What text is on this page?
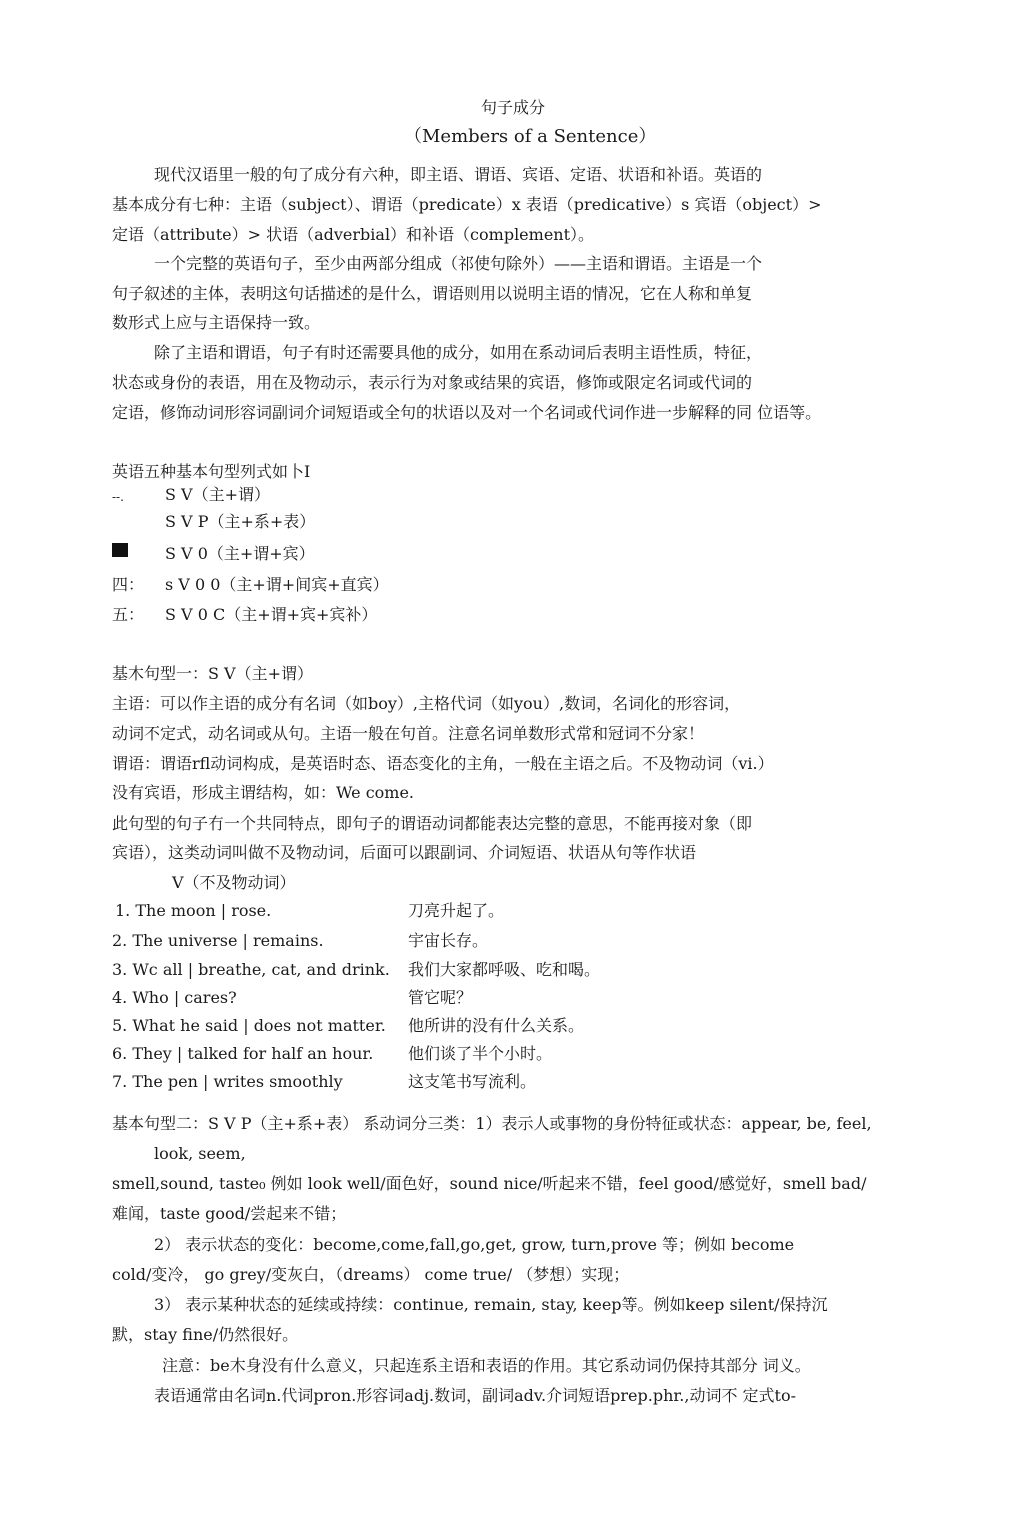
句子成分
（Members of a Sentence）
现代汉语里一般的句了成分有六种，即主语、谓语、宾语、定语、状语和补语。英语的
基本成分有七种：主语（subject）、谓语（predicate）x 表语（predicative）s 宾语（object）>
定语（attribute）> 状语（adverbial）和补语（complement）。
一个完整的英语句子，至少由两部分组成（祁使句除外）——主语和谓语。主语是一个
句子叙述的主体，表明这句话描述的是什么，谓语则用以说明主语的情况，它在人称和单复
数形式上应与主语保持一致。
除了主语和谓语，句子有时还需要具他的成分，如用在系动词后表明主语性质，特征，
状态或身份的表语，用在及物动示，表示行为对象或结果的宾语，修饰或限定名词或代词的
定语，修饰动词形容词副词介词短语或全句的状语以及对一个名词或代词作进一步解释的同 位语等。
英语五种基本句型列式如卜I
--.	S V（主+谓）
S V P（主+系+表）
S V 0（主+谓+宾）
四： s V 0 0（主+谓+间宾+直宾）
五： S V 0 C（主+谓+宾+宾补）
基木句型一：S V（主+谓）
主语：可以作主语的成分有名词（如boy）,主格代词（如you）,数词，名词化的形容词，
动词不定式，动名词或从句。主语一般在句首。注意名词单数形式常和冠词不分家！
谓语：谓语rfl动词构成，是英语时态、语态变化的主角，一般在主语之后。不及物动词（vi.）
没有宾语，形成主谓结构，如：We come.
此句型的句子冇一个共同特点，即句子的谓语动词都能表达完整的意思，不能再接对象（即
宾语），这类动词叫做不及物动词，后面可以跟副词、介词短语、状语从句等作状语
V（不及物动词）
1. The moon | rose.	刀亮升起了。
2. The universe | remains.	宇宙长存。
3. Wc all | breathe, cat, and drink. 我们大家都呼吸、吃和喝。
4. Who | cares?	管它呢？
5. What he said | does not matter. 他所讲的没有什么关系。
6. They | talked for half an hour. 他们谈了半个小时。
7. The pen | writes smoothly	这支笔书写流利。
基本句型二：S V P（主+系+表） 系动词分三类：1）表示人或事物的身份特征或状态：appear, be, feel,
look, seem,
smell,sound, taste₀ 例如 look well/面色好，sound nice/听起来不错，feel good/感觉好，smell bad/
难闻，taste good/尝起来不错；
2） 表示状态的变化：become,come,fall,go,get, grow, turn,prove 等；例如 become
cold/变冷， go grey/变灰白，（dreams） come true/ （梦想）实现；
3） 表示某种状态的延续或持续：continue, remain, stay, keep等。例如keep silent/保持沉
默，stay fine/仍然很好。
注意：be木身没有什么意义，只起连系主语和表语的作用。其它系动词仍保持其部分 词义。
表语通常由名词n.代词pron.形容词adj.数词，副词adv.介词短语prep.phr.,动词不 定式to-
